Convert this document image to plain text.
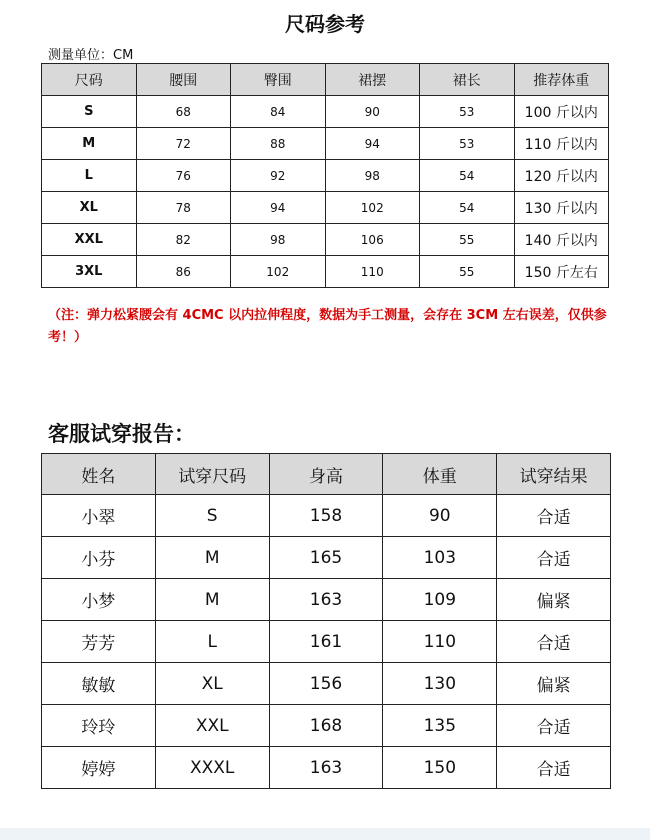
尺码参考
测量单位：CM
尺码	腰围	臀围	裙摆	裙长	推荐体重
S	68	84	90	53	100 斤以内
M	72	88	94	53	110 斤以内
L	76	92	98	54	120 斤以内
XL	78	94	102	54	130 斤以内
XXL	82	98	106	55	140 斤以内
3XL	86	102	110	55	150 斤左右
（注：弹力松紧腰会有 4CMC 以内拉伸程度，数据为手工测量，会存在 3CM 左右误差，仅供参考！）
客服试穿报告：
姓名	试穿尺码	身高	体重	试穿结果
小翠	S	158	90	合适
小芬	M	165	103	合适
小梦	M	163	109	偏紧
芳芳	L	161	110	合适
敏敏	XL	156	130	偏紧
玲玲	XXL	168	135	合适
婷婷	XXXL	163	150	合适
